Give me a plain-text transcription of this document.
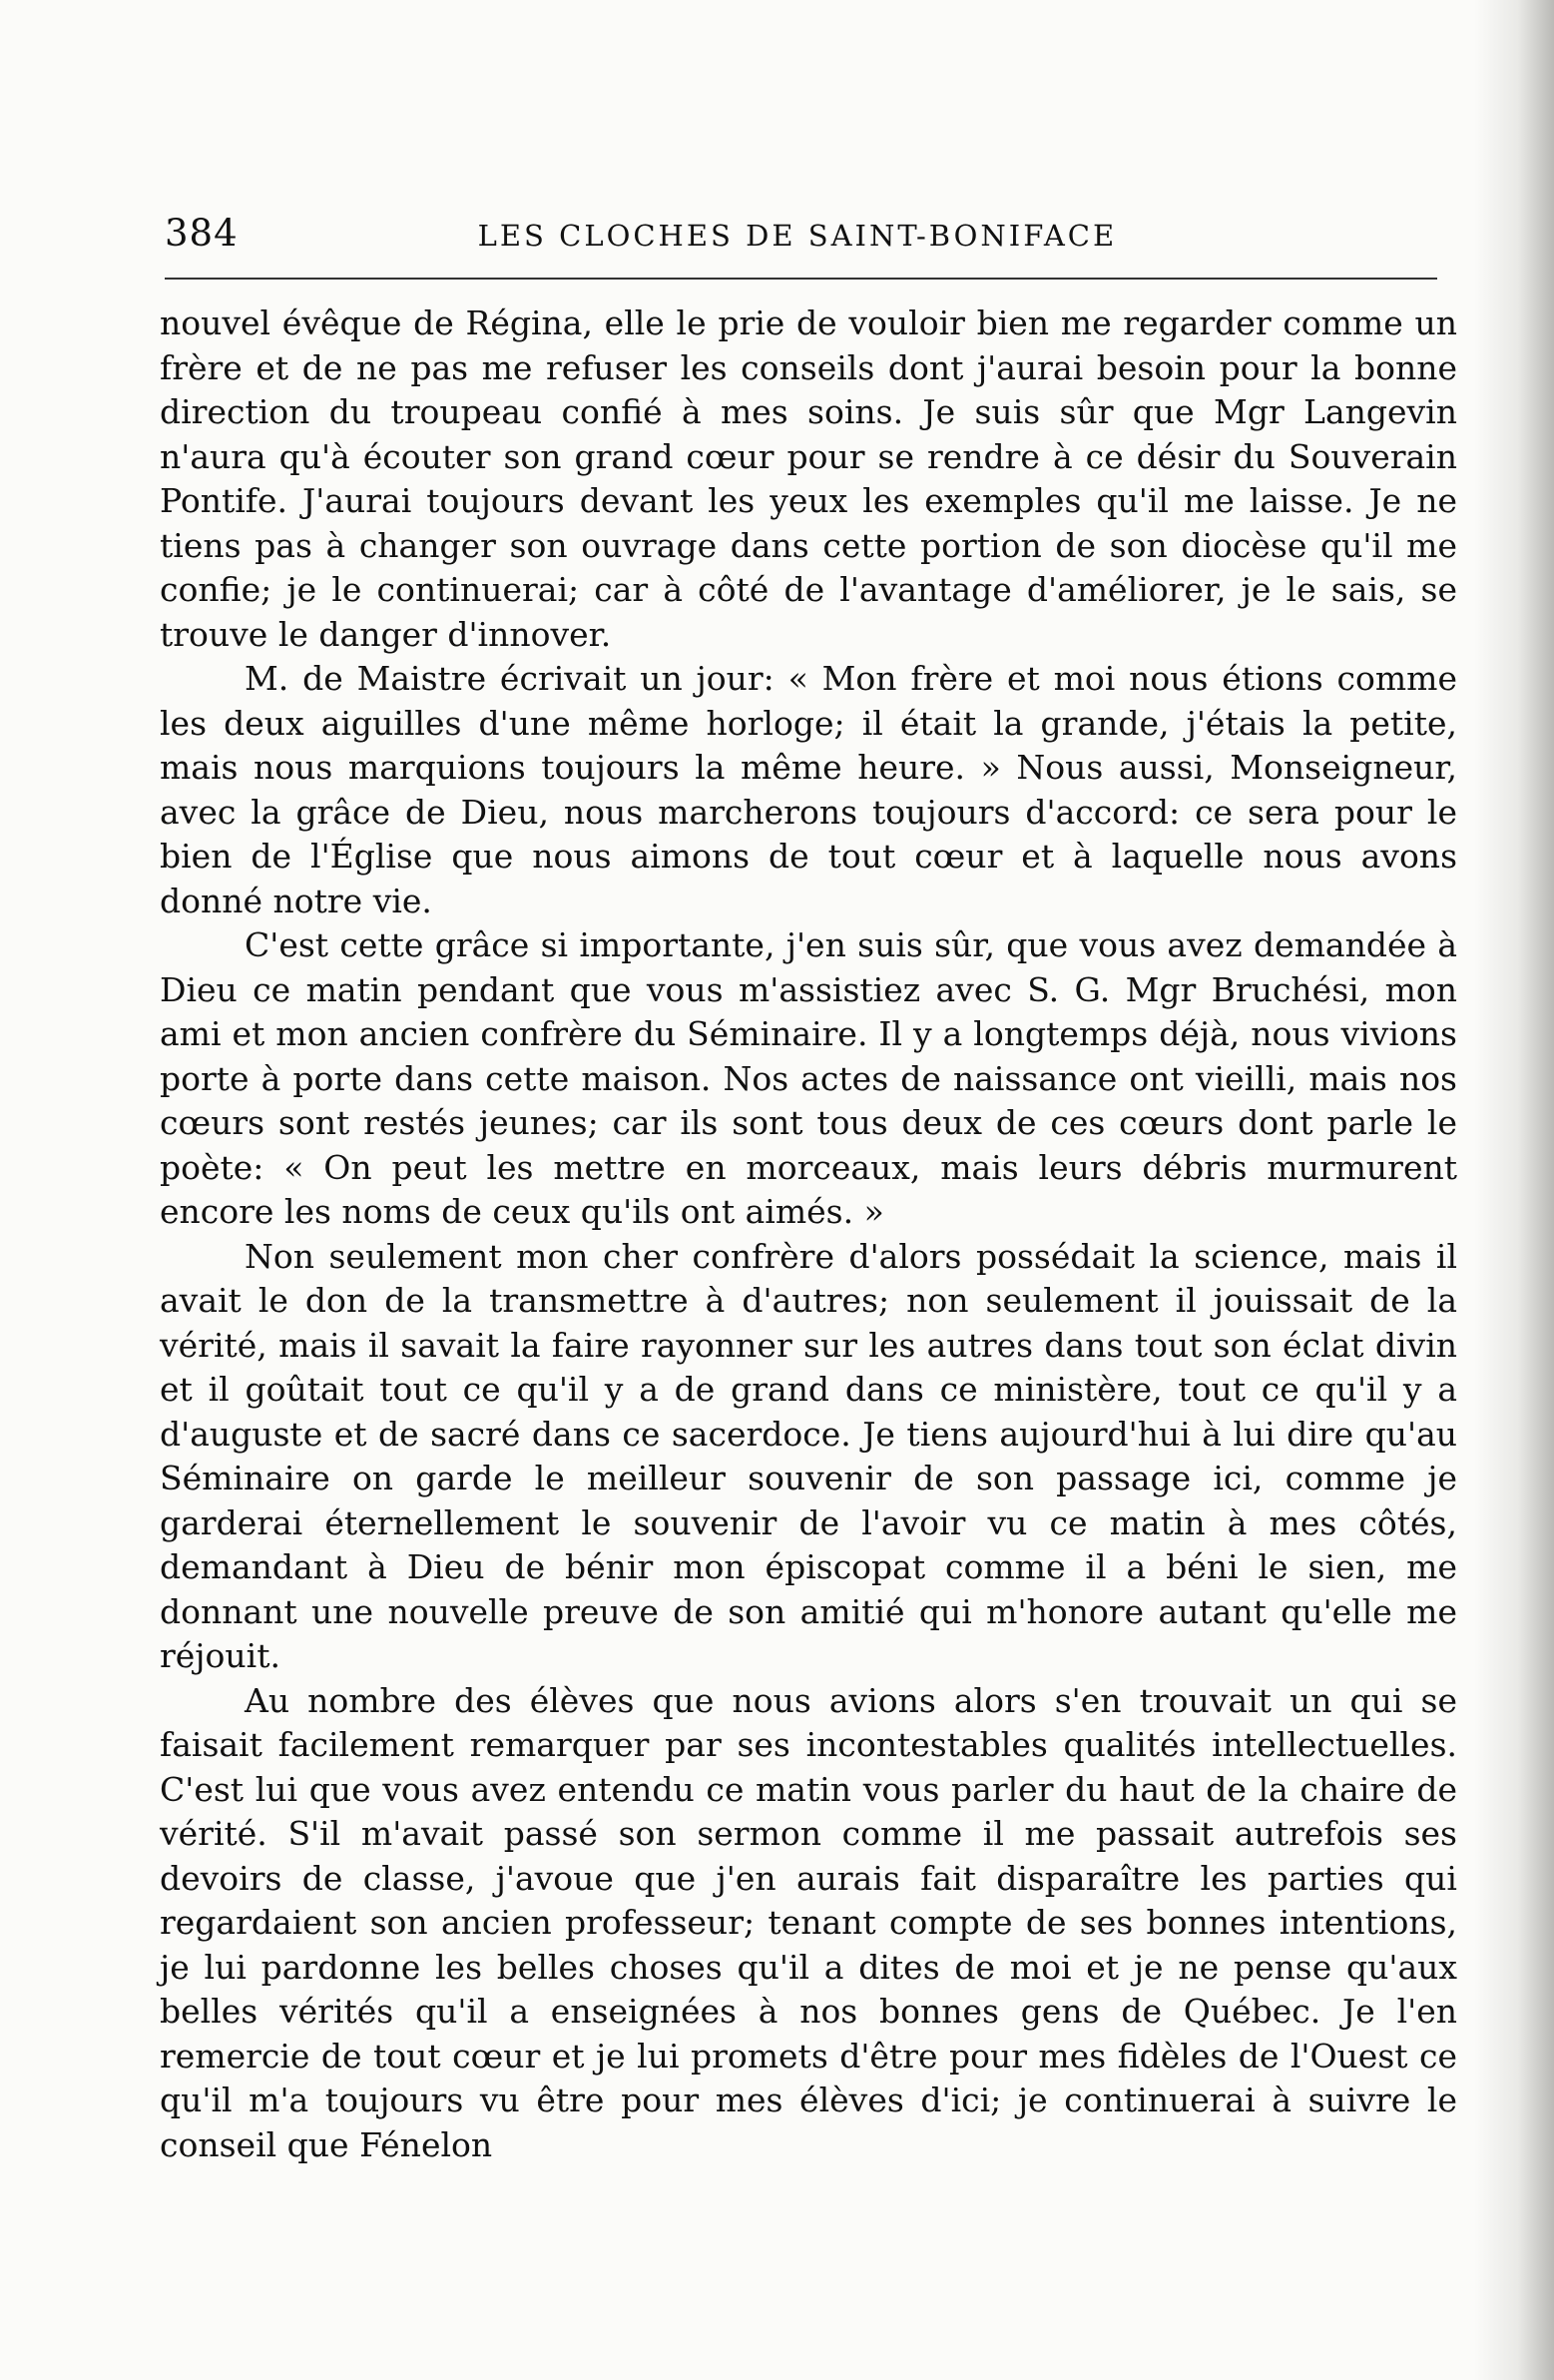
384	LES CLOCHES DE SAINT-BONIFACE

nouvel évêque de Régina, elle le prie de vouloir bien me regarder comme un frère et de ne pas me refuser les conseils dont j'aurai besoin pour la bonne direction du troupeau confié à mes soins. Je suis sûr que Mgr Langevin n'aura qu'à écouter son grand cœur pour se rendre à ce désir du Souverain Pontife. J'aurai toujours devant les yeux les exemples qu'il me laisse. Je ne tiens pas à changer son ouvrage dans cette portion de son diocèse qu'il me confie; je le continuerai; car à côté de l'avantage d'améliorer, je le sais, se trouve le danger d'innover.

M. de Maistre écrivait un jour: « Mon frère et moi nous étions comme les deux aiguilles d'une même horloge; il était la grande, j'étais la petite, mais nous marquions toujours la même heure. » Nous aussi, Monseigneur, avec la grâce de Dieu, nous marcherons toujours d'accord: ce sera pour le bien de l'Église que nous aimons de tout cœur et à laquelle nous avons donné notre vie.

C'est cette grâce si importante, j'en suis sûr, que vous avez demandée à Dieu ce matin pendant que vous m'assistiez avec S. G. Mgr Bruchési, mon ami et mon ancien confrère du Séminaire. Il y a longtemps déjà, nous vivions porte à porte dans cette maison. Nos actes de naissance ont vieilli, mais nos cœurs sont restés jeunes; car ils sont tous deux de ces cœurs dont parle le poète: « On peut les mettre en morceaux, mais leurs débris murmurent encore les noms de ceux qu'ils ont aimés. »

Non seulement mon cher confrère d'alors possédait la science, mais il avait le don de la transmettre à d'autres; non seulement il jouissait de la vérité, mais il savait la faire rayonner sur les autres dans tout son éclat divin et il goûtait tout ce qu'il y a de grand dans ce ministère, tout ce qu'il y a d'auguste et de sacré dans ce sacerdoce. Je tiens aujourd'hui à lui dire qu'au Séminaire on garde le meilleur souvenir de son passage ici, comme je garderai éternellement le souvenir de l'avoir vu ce matin à mes côtés, demandant à Dieu de bénir mon épiscopat comme il a béni le sien, me donnant une nouvelle preuve de son amitié qui m'honore autant qu'elle me réjouit.

Au nombre des élèves que nous avions alors s'en trouvait un qui se faisait facilement remarquer par ses incontestables qualités intellectuelles. C'est lui que vous avez entendu ce matin vous parler du haut de la chaire de vérité. S'il m'avait passé son sermon comme il me passait autrefois ses devoirs de classe, j'avoue que j'en aurais fait disparaître les parties qui regardaient son ancien professeur; tenant compte de ses bonnes intentions, je lui pardonne les belles choses qu'il a dites de moi et je ne pense qu'aux belles vérités qu'il a enseignées à nos bonnes gens de Québec. Je l'en remercie de tout cœur et je lui promets d'être pour mes fidèles de l'Ouest ce qu'il m'a toujours vu être pour mes élèves d'ici; je continuerai à suivre le conseil que Fénelon
